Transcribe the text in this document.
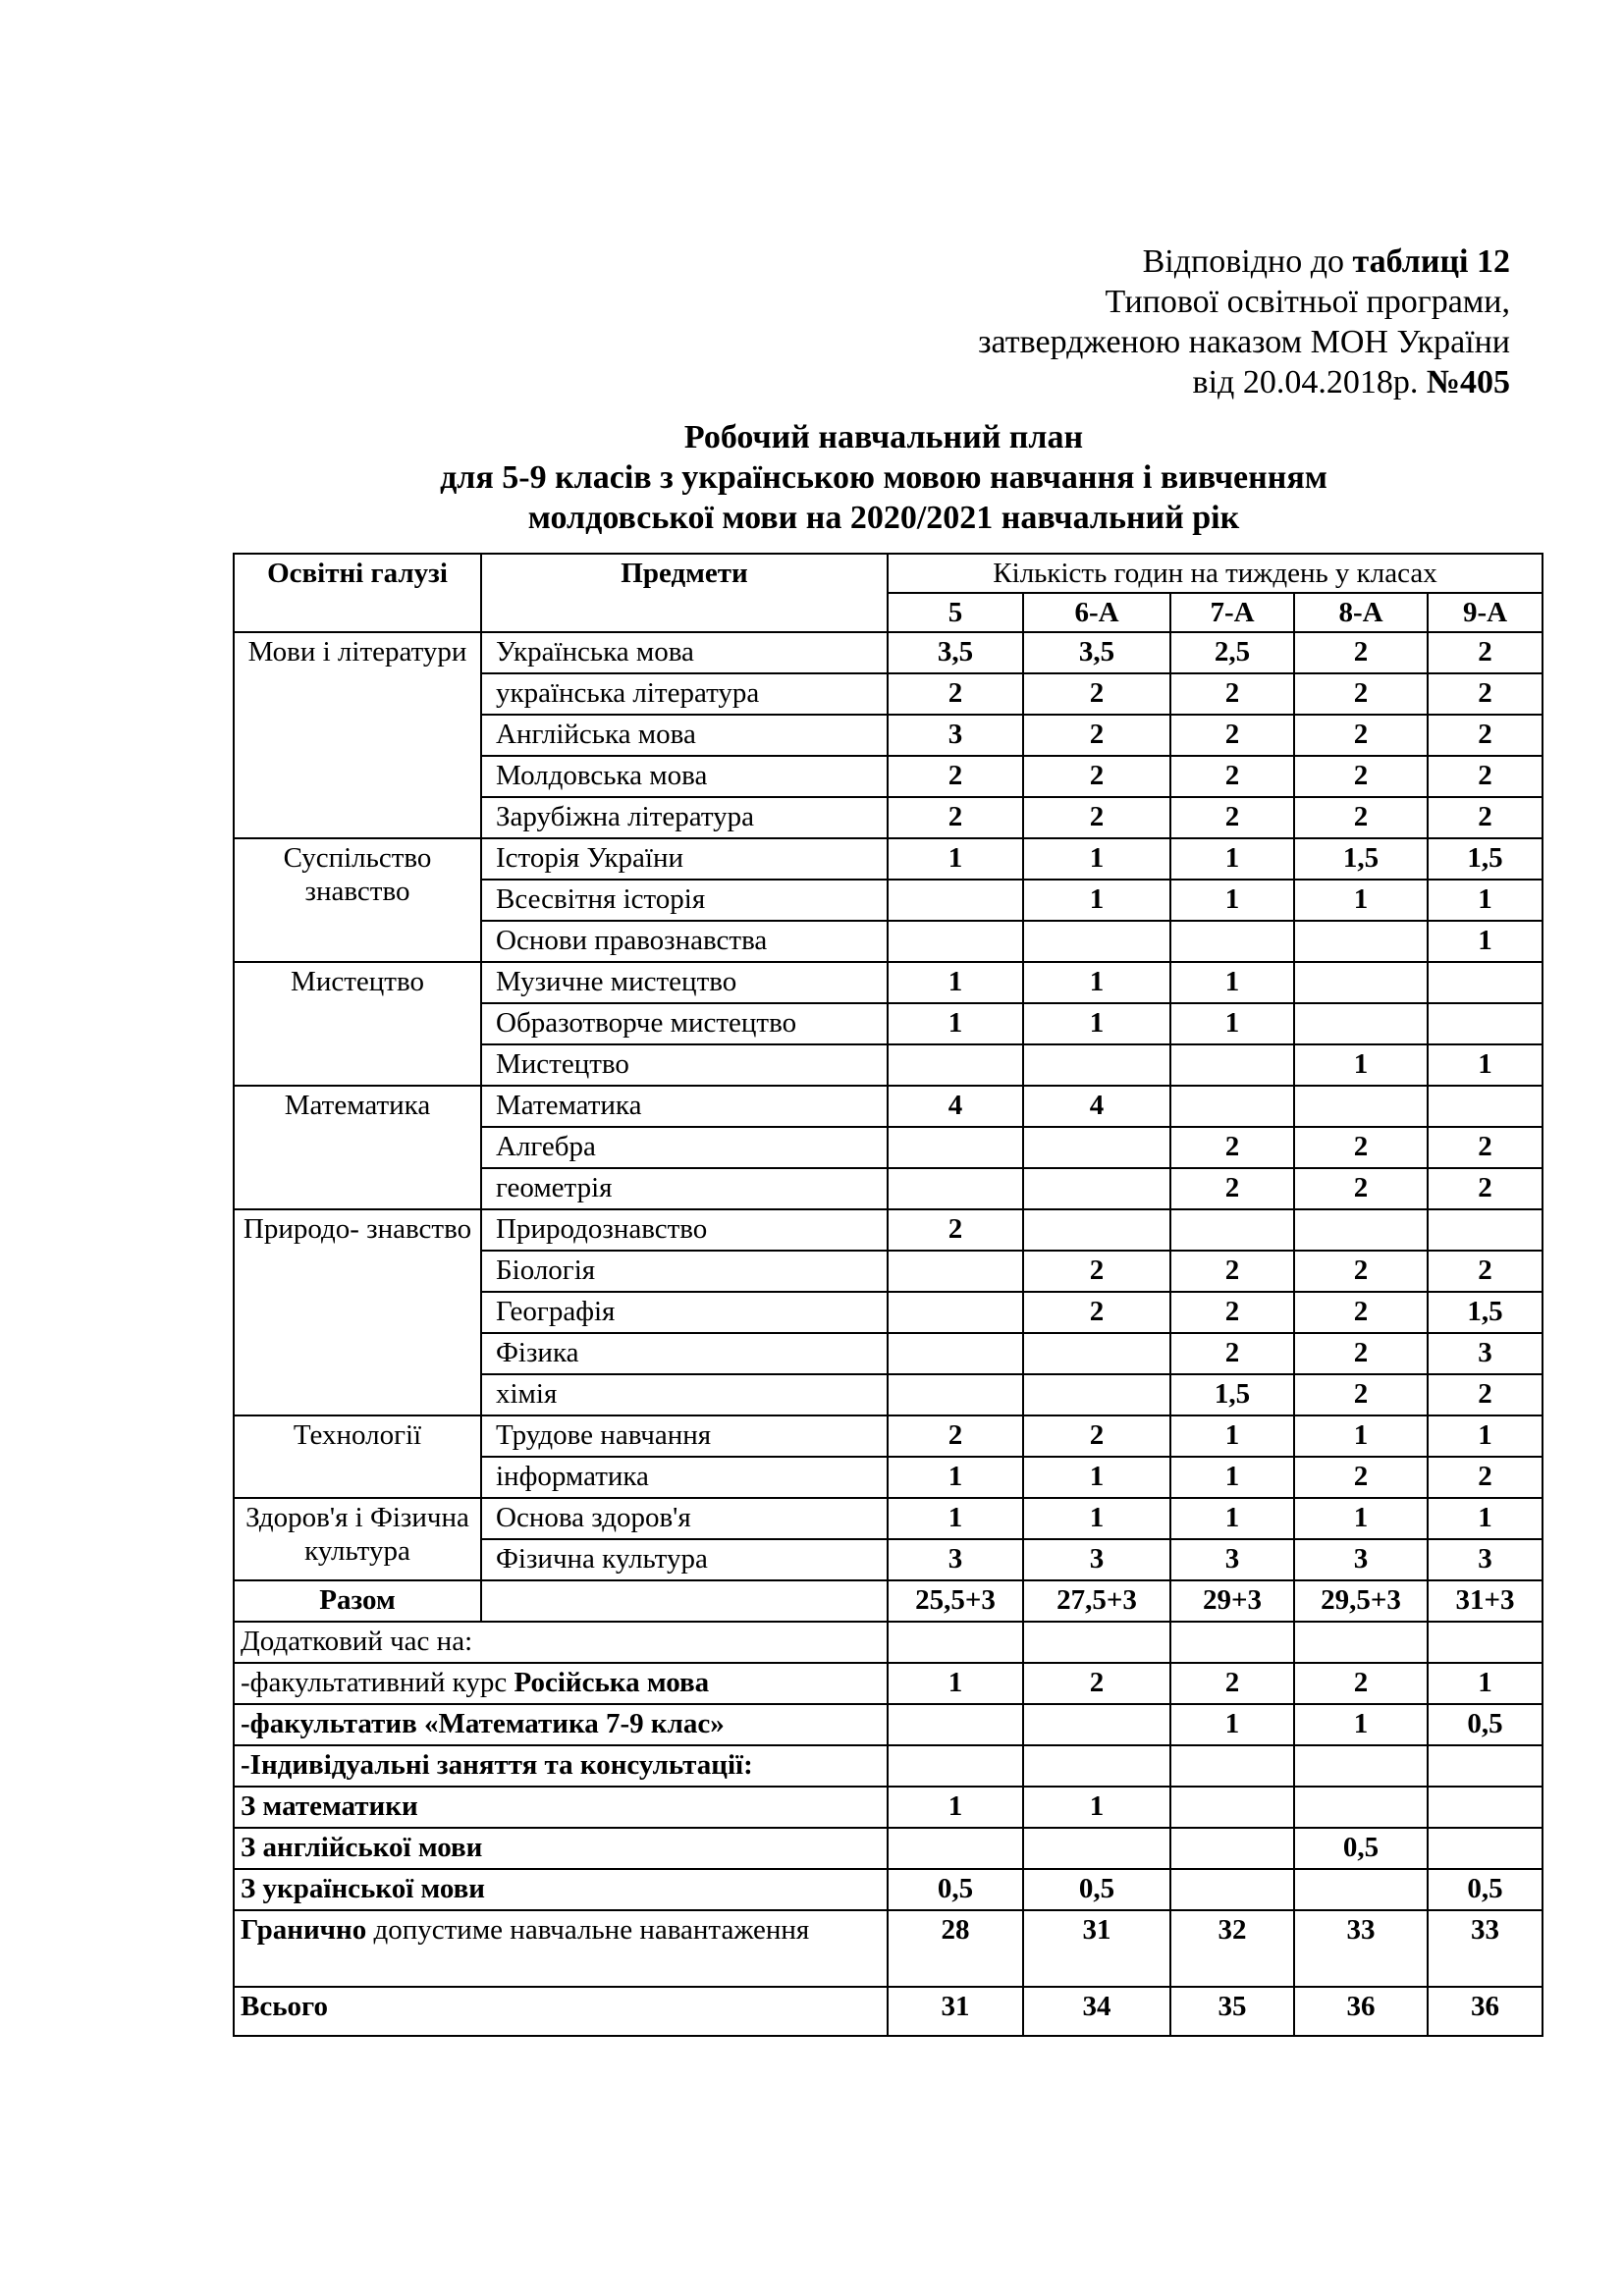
Відповідно до таблиці 12
Типової освітньої програми,
затвердженою наказом МОН України
від 20.04.2018р. №405
Робочий навчальний план
для 5-9 класів з українською мовою навчання і вивченням
молдовської мови на 2020/2021 навчальний рік
Освітні галузі	Предмети	Кількість годин на тиждень у класах				
		5	6-А	7-А	8-А	9-А
Мови і літератури	Українська мова	3,5	3,5	2,5	2	2
	українська література	2	2	2	2	2
	Англійська мова	3	2	2	2	2
	Молдовська мова	2	2	2	2	2
	Зарубіжна література	2	2	2	2	2
Суспільство знавство	Історія України	1	1	1	1,5	1,5
	Всесвітня історія		1	1	1	1
	Основи правознавства					1
Мистецтво	Музичне мистецтво	1	1	1		
	Образотворче мистецтво	1	1	1		
	Мистецтво				1	1
Математика	Математика	4	4			
	Алгебра			2	2	2
	геометрія			2	2	2
Природо- знавство	Природознавство	2				
	Біологія		2	2	2	2
	Географія		2	2	2	1,5
	Фізика			2	2	3
	хімія			1,5	2	2
Технології	Трудове навчання	2	2	1	1	1
	інформатика	1	1	1	2	2
Здоров'я і Фізична культура	Основа здоров'я	1	1	1	1	1
	Фізична культура	3	3	3	3	3
Разом		25,5+3	27,5+3	29+3	29,5+3	31+3
Додатковий час на:						
-факультативний курс Російська мова		1	2	2	2	1
-факультатив «Математика 7-9 клас»				1	1	0,5
-Індивідуальні заняття та консультації:						
З математики		1	1			
З англійської мови					0,5	
З української мови		0,5	0,5			0,5
Гранично допустиме навчальне навантаження		28	31	32	33	33
Всього		31	34	35	36	36
